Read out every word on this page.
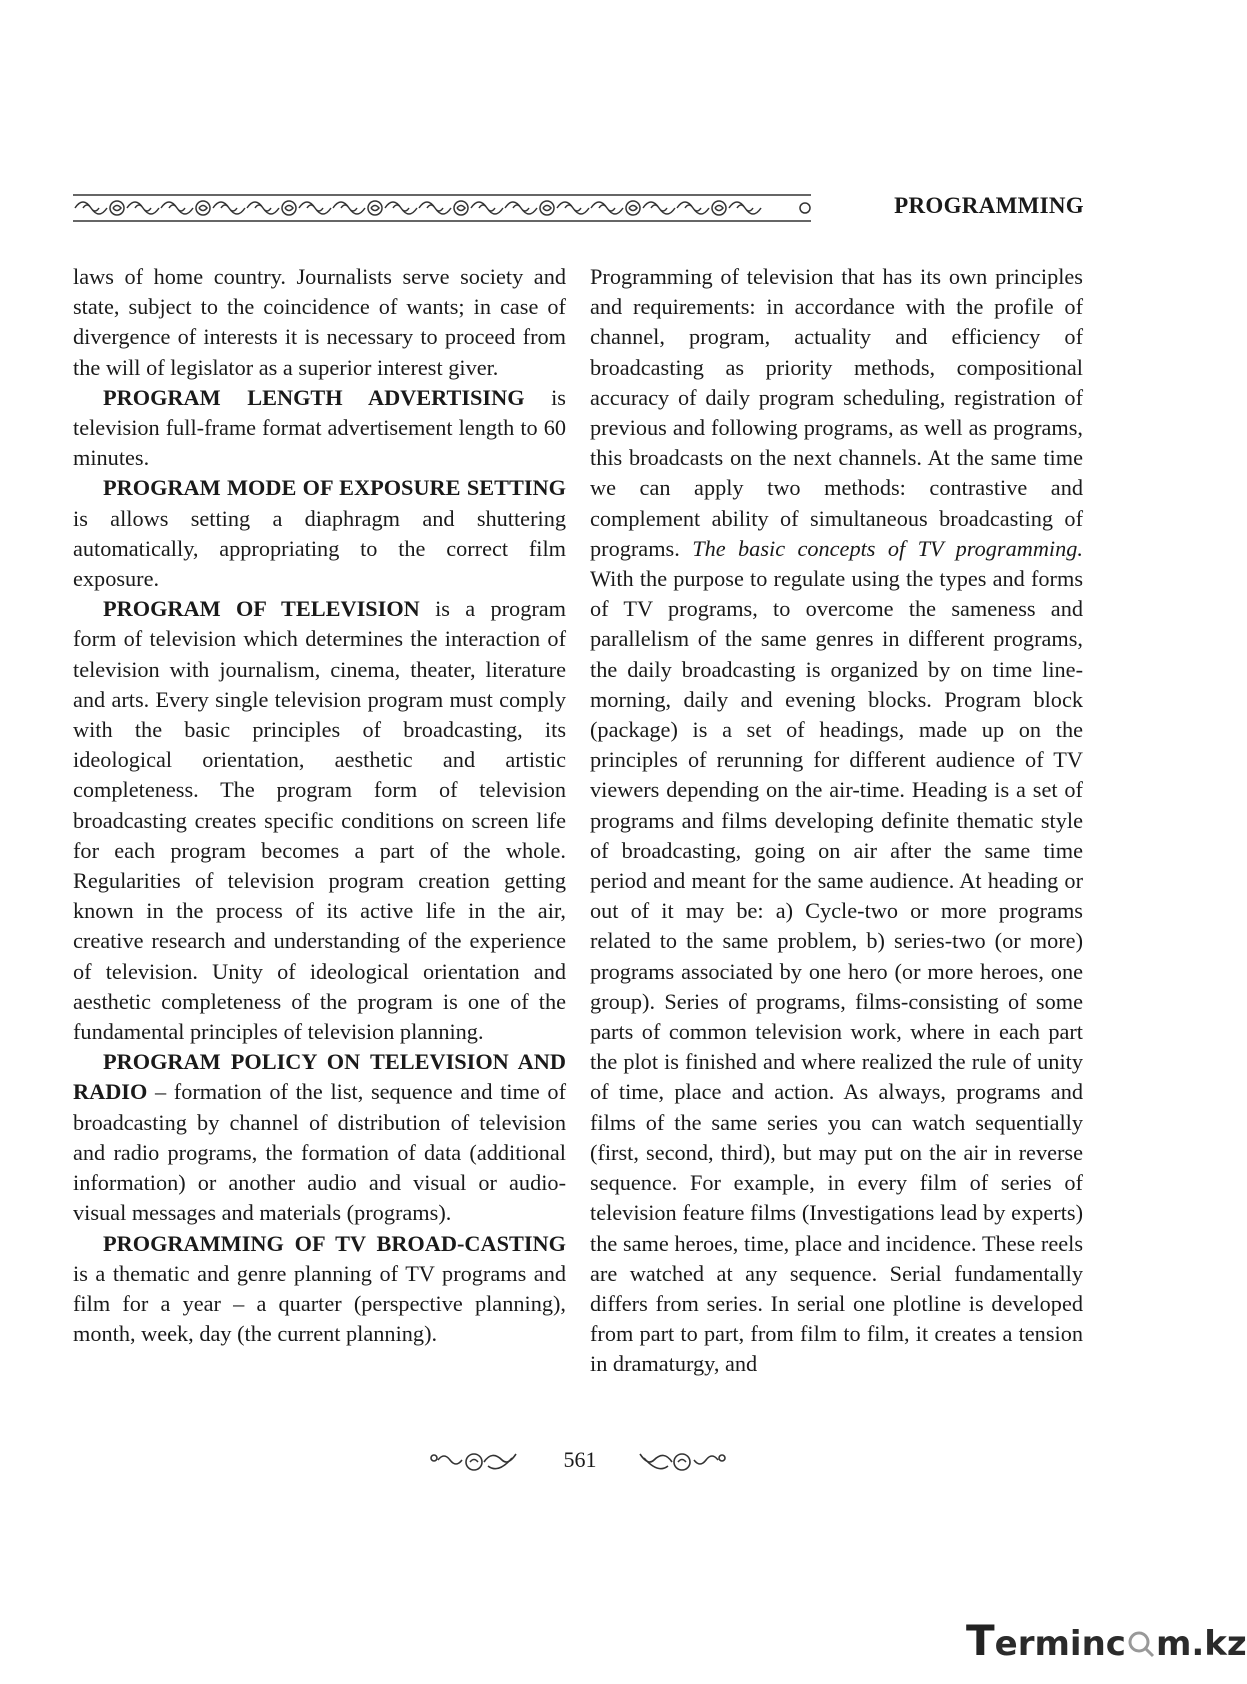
PROGRAMMING

laws of home country. Journalists serve society and state, subject to the coincidence of wants; in case of divergence of interests it is necessary to proceed from the will of legislator as a superior interest giver.

PROGRAM LENGTH ADVERTISING is television full-frame format advertisement length to 60 minutes.

PROGRAM MODE OF EXPOSURE SETTING is allows setting a diaphragm and shuttering automatically, appropriating to the correct film exposure.

PROGRAM OF TELEVISION is a program form of television which determines the interaction of television with journalism, cinema, theater, literature and arts. Every single television program must comply with the basic principles of broadcasting, its ideological orientation, aesthetic and artistic completeness. The program form of television broadcasting creates specific conditions on screen life for each program becomes a part of the whole. Regularities of television program creation getting known in the process of its active life in the air, creative research and understanding of the experience of television. Unity of ideological orientation and aesthetic completeness of the program is one of the fundamental principles of television planning.

PROGRAM POLICY ON TELEVISION AND RADIO – formation of the list, sequence and time of broadcasting by channel of distribution of television and radio programs, the formation of data (additional information) or another audio and visual or audio-visual messages and materials (programs).

PROGRAMMING OF TV BROAD-CASTING is a thematic and genre planning of TV programs and film for a year – a quarter (perspective planning), month, week, day (the current planning).

Programming of television that has its own principles and requirements: in accordance with the profile of channel, program, actuality and efficiency of broadcasting as priority methods, compositional accuracy of daily program scheduling, registration of previous and following programs, as well as programs, this broadcasts on the next channels. At the same time we can apply two methods: contrastive and complement ability of simultaneous broadcasting of programs. The basic concepts of TV programming. With the purpose to regulate using the types and forms of TV programs, to overcome the sameness and parallelism of the same genres in different programs, the daily broadcasting is organized by on time line-morning, daily and evening blocks. Program block (package) is a set of headings, made up on the principles of rerunning for different audience of TV viewers depending on the air-time. Heading is a set of programs and films developing definite thematic style of broadcasting, going on air after the same time period and meant for the same audience. At heading or out of it may be: a) Cycle-two or more programs related to the same problem, b) series-two (or more) programs associated by one hero (or more heroes, one group). Series of programs, films-consisting of some parts of common television work, where in each part the plot is finished and where realized the rule of unity of time, place and action. As always, programs and films of the same series you can watch sequentially (first, second, third), but may put on the air in reverse sequence. For example, in every film of series of television feature films (Investigations lead by experts) the same heroes, time, place and incidence. These reels are watched at any sequence. Serial fundamentally differs from series. In serial one plotline is developed from part to part, from film to film, it creates a tension in dramaturgy, and

561
Terminc m.kz
